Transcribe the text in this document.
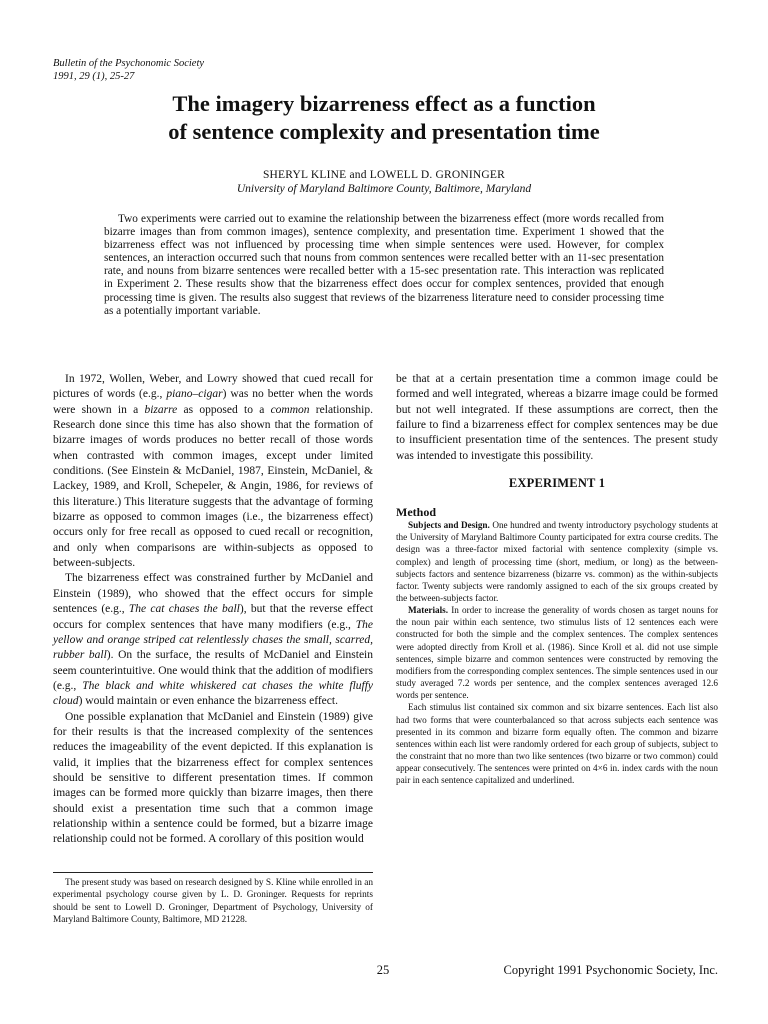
Bulletin of the Psychonomic Society
1991, 29 (1), 25-27
The imagery bizarreness effect as a function
of sentence complexity and presentation time
SHERYL KLINE and LOWELL D. GRONINGER
University of Maryland Baltimore County, Baltimore, Maryland

Two experiments were carried out to examine the relationship between the bizarreness effect (more words recalled from bizarre images than from common images), sentence complexity, and presentation time. Experiment 1 showed that the bizarreness effect was not influenced by processing time when simple sentences were used. However, for complex sentences, an interaction occurred such that nouns from common sentences were recalled better with an 11-sec presentation rate, and nouns from bizarre sentences were recalled better with a 15-sec presentation rate. This interaction was replicated in Experiment 2. These results show that the bizarreness effect does occur for complex sentences, provided that enough processing time is given. The results also suggest that reviews of the bizarreness literature need to consider processing time as a potentially important variable.

In 1972, Wollen, Weber, and Lowry showed that cued recall for pictures of words (e.g., piano–cigar) was no better when the words were shown in a bizarre as opposed to a common relationship. Research done since this time has also shown that the formation of bizarre images of words produces no better recall of those words when contrasted with common images, except under limited conditions. (See Einstein & McDaniel, 1987, Einstein, McDaniel, & Lackey, 1989, and Kroll, Schepeler, & Angin, 1986, for reviews of this literature.) This literature suggests that the advantage of forming bizarre as opposed to common images (i.e., the bizarreness effect) occurs only for free recall as opposed to cued recall or recognition, and only when comparisons are within-subjects as opposed to between-subjects.

The bizarreness effect was constrained further by McDaniel and Einstein (1989), who showed that the effect occurs for simple sentences (e.g., The cat chases the ball), but that the reverse effect occurs for complex sentences that have many modifiers (e.g., The yellow and orange striped cat relentlessly chases the small, scarred, rubber ball). On the surface, the results of McDaniel and Einstein seem counterintuitive. One would think that the addition of modifiers (e.g., The black and white whiskered cat chases the white fluffy cloud) would maintain or even enhance the bizarreness effect.

One possible explanation that McDaniel and Einstein (1989) give for their results is that the increased complexity of the sentences reduces the imageability of the event depicted. If this explanation is valid, it implies that the bizarreness effect for complex sentences should be sensitive to different presentation times. If common images can be formed more quickly than bizarre images, then there should exist a presentation time such that a common image relationship within a sentence could be formed, but a bizarre image relationship could not be formed. A corollary of this position would

be that at a certain presentation time a common image could be formed and well integrated, whereas a bizarre image could be formed but not well integrated. If these assumptions are correct, then the failure to find a bizarreness effect for complex sentences may be due to insufficient presentation time of the sentences. The present study was intended to investigate this possibility.

EXPERIMENT 1
Method

Subjects and Design. One hundred and twenty introductory psychology students at the University of Maryland Baltimore County participated for extra course credits. The design was a three-factor mixed factorial with sentence complexity (simple vs. complex) and length of processing time (short, medium, or long) as the between-subjects factors and sentence bizarreness (bizarre vs. common) as the within-subjects factor. Twenty subjects were randomly assigned to each of the six groups created by the between-subjects factor.

Materials. In order to increase the generality of words chosen as target nouns for the noun pair within each sentence, two stimulus lists of 12 sentences each were constructed for both the simple and the complex sentences. The complex sentences were adopted directly from Kroll et al. (1986). Since Kroll et al. did not use simple sentences, simple bizarre and common sentences were constructed by removing the modifiers from the corresponding complex sentences. The simple sentences used in our study averaged 7.2 words per sentence, and the complex sentences averaged 12.6 words per sentence.

Each stimulus list contained six common and six bizarre sentences. Each list also had two forms that were counterbalanced so that across subjects each sentence was presented in its common and bizarre form equally often. The common and bizarre sentences within each list were randomly ordered for each group of subjects, subject to the constraint that no more than two like sentences (two bizarre or two common) could appear consecutively. The sentences were printed on 4×6 in. index cards with the noun pair in each sentence capitalized and underlined.

The present study was based on research designed by S. Kline while enrolled in an experimental psychology course given by L. D. Groninger. Requests for reprints should be sent to Lowell D. Groninger, Department of Psychology, University of Maryland Baltimore County, Baltimore, MD 21228.

25	Copyright 1991 Psychonomic Society, Inc.
